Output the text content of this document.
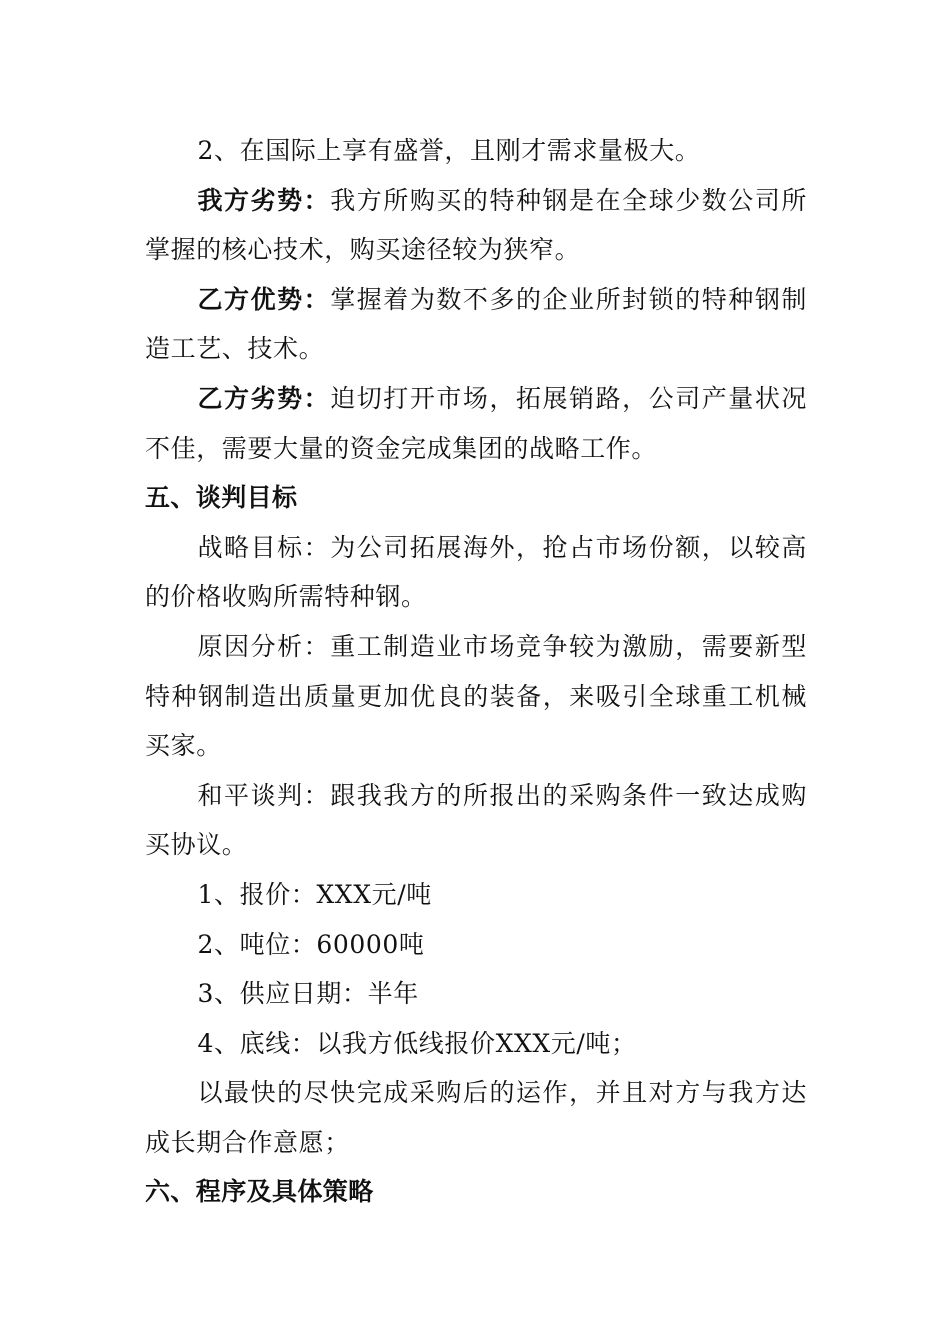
2、在国际上享有盛誉，且刚才需求量极大。

我方劣势：我方所购买的特种钢是在全球少数公司所掌握的核心技术，购买途径较为狭窄。

乙方优势：掌握着为数不多的企业所封锁的特种钢制造工艺、技术。

乙方劣势：迫切打开市场，拓展销路，公司产量状况不佳，需要大量的资金完成集团的战略工作。

五、谈判目标

战略目标：为公司拓展海外，抢占市场份额，以较高的价格收购所需特种钢。

原因分析：重工制造业市场竞争较为激励，需要新型特种钢制造出质量更加优良的装备，来吸引全球重工机械买家。

和平谈判：跟我我方的所报出的采购条件一致达成购买协议。

1、报价：XXX元/吨

2、吨位：60000吨

3、供应日期：半年

4、底线：以我方低线报价XXX元/吨；

以最快的尽快完成采购后的运作，并且对方与我方达成长期合作意愿；

六、程序及具体策略
